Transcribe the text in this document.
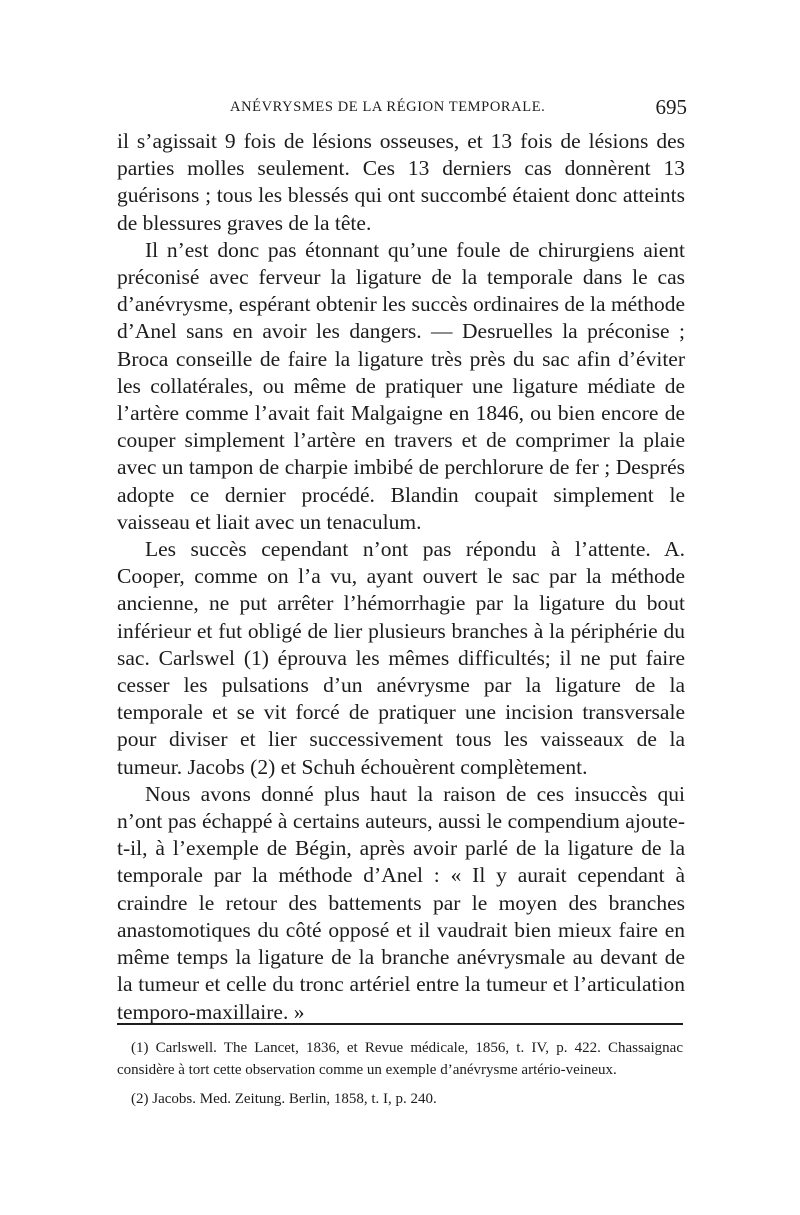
ANÉVRYSMES DE LA RÉGION TEMPORALE.	695

il s’agissait 9 fois de lésions osseuses, et 13 fois de lésions des parties molles seulement. Ces 13 derniers cas donnèrent 13 guérisons ; tous les blessés qui ont succombé étaient donc atteints de blessures graves de la tête.

Il n’est donc pas étonnant qu’une foule de chirurgiens aient préconisé avec ferveur la ligature de la temporale dans le cas d’anévrysme, espérant obtenir les succès ordinaires de la méthode d’Anel sans en avoir les dangers. — Desruelles la préconise ; Broca conseille de faire la ligature très près du sac afin d’éviter les collatérales, ou même de pratiquer une ligature médiate de l’artère comme l’avait fait Malgaigne en 1846, ou bien encore de couper simplement l’artère en travers et de comprimer la plaie avec un tampon de charpie imbibé de perchlorure de fer ; Després adopte ce dernier procédé. Blandin coupait simplement le vaisseau et liait avec un tenaculum.

Les succès cependant n’ont pas répondu à l’attente. A. Cooper, comme on l’a vu, ayant ouvert le sac par la méthode ancienne, ne put arrêter l’hémorrhagie par la ligature du bout inférieur et fut obligé de lier plusieurs branches à la périphérie du sac. Carlswel (1) éprouva les mêmes difficultés; il ne put faire cesser les pulsations d’un anévrysme par la ligature de la temporale et se vit forcé de pratiquer une incision transversale pour diviser et lier successivement tous les vaisseaux de la tumeur. Jacobs (2) et Schuh échouèrent complètement.

Nous avons donné plus haut la raison de ces insuccès qui n’ont pas échappé à certains auteurs, aussi le compendium ajoute-t-il, à l’exemple de Bégin, après avoir parlé de la ligature de la temporale par la méthode d’Anel : « Il y aurait cependant à craindre le retour des battements par le moyen des branches anastomotiques du côté opposé et il vaudrait bien mieux faire en même temps la ligature de la branche anévrysmale au devant de la tumeur et celle du tronc artériel entre la tumeur et l’articulation temporo-maxillaire. »

(1) Carlswell. The Lancet, 1836, et Revue médicale, 1856, t. IV, p. 422. Chassaignac considère à tort cette observation comme un exemple d’anévrysme artério-veineux.

(2) Jacobs. Med. Zeitung. Berlin, 1858, t. I, p. 240.
